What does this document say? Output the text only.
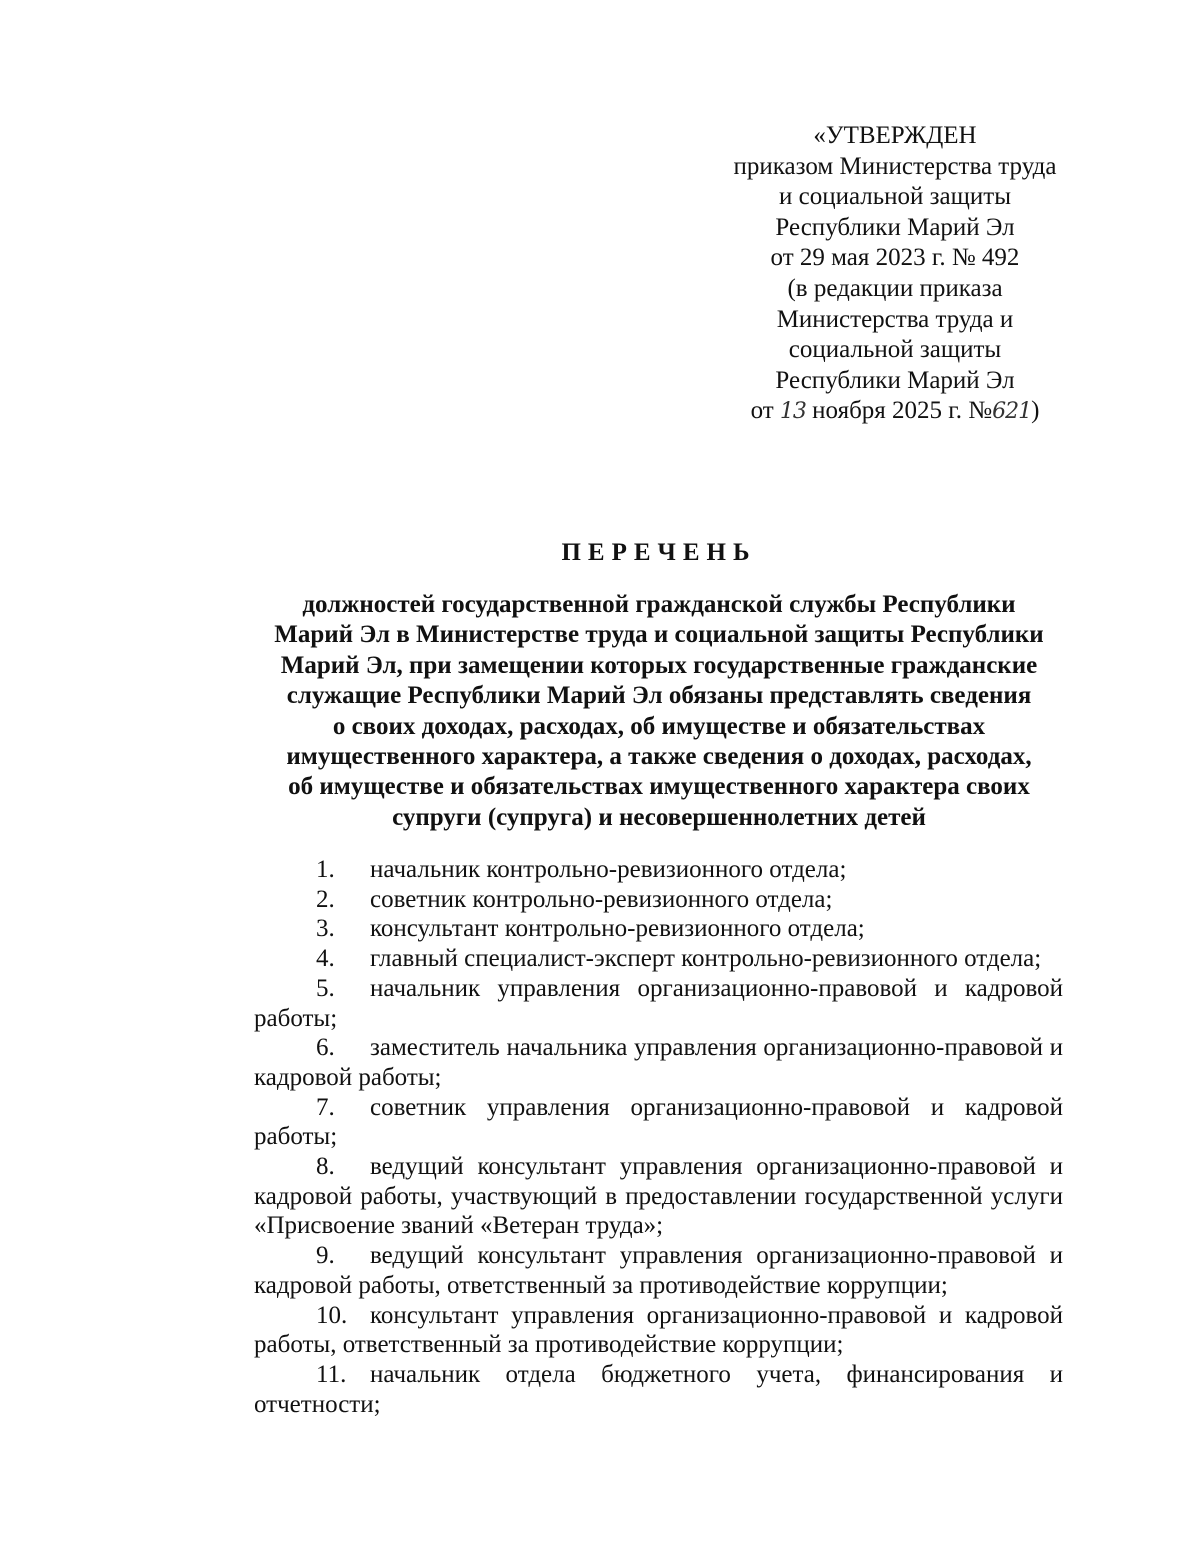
«УТВЕРЖДЕН
приказом Министерства труда
и социальной защиты
Республики Марий Эл
от 29 мая 2023 г. № 492
(в редакции приказа
Министерства труда и
социальной защиты
Республики Марий Эл
от 13 ноября 2025 г. №621)
ПЕРЕЧЕНЬ
должностей государственной гражданской службы Республики
Марий Эл в Министерстве труда и социальной защиты Республики
Марий Эл, при замещении которых государственные гражданские
служащие Республики Марий Эл обязаны представлять сведения
о своих доходах, расходах, об имуществе и обязательствах
имущественного характера, а также сведения о доходах, расходах,
об имуществе и обязательствах имущественного характера своих
супруги (супруга) и несовершеннолетних детей
1. начальник контрольно-ревизионного отдела;
2. советник контрольно-ревизионного отдела;
3. консультант контрольно-ревизионного отдела;
4. главный специалист-эксперт контрольно-ревизионного отдела;
5. начальник управления организационно-правовой и кадровой работы;
6. заместитель начальника управления организационно-правовой и кадровой работы;
7. советник управления организационно-правовой и кадровой работы;
8. ведущий консультант управления организационно-правовой и кадровой работы, участвующий в предоставлении государственной услуги «Присвоение званий «Ветеран труда»;
9. ведущий консультант управления организационно-правовой и кадровой работы, ответственный за противодействие коррупции;
10. консультант управления организационно-правовой и кадровой работы, ответственный за противодействие коррупции;
11. начальник отдела бюджетного учета, финансирования и отчетности;
